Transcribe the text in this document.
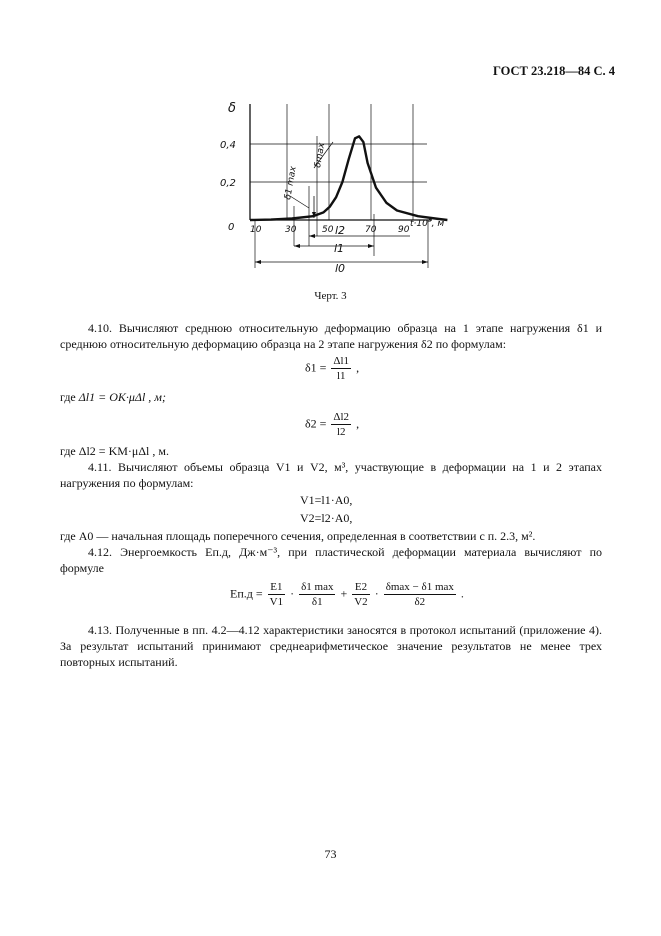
ГОСТ 23.218—84 С. 4
δ
0,4
0,2
0 10	30	50	70 90
$t\cdot 10^3$, м
δ1 max
δmax
l2
l1
l0
Черт. 3
4.10. Вычисляют среднюю относительную деформацию образца на 1 этапе нагружения δ1 и среднюю относительную деформацию образца на 2 этапе нагружения δ2 по формулам:
$\delta 1 = \frac{\Delta l1}{l1}$ ,
где Δl1 = OK·μΔl , м;
$\delta 2 = \frac{\Delta l2}{l2}$ ,
где Δl2 = KM·μΔl , м.
4.11. Вычисляют объемы образца V1 и V2, м³, участвующие в деформации на 1 и 2 этапах нагружения по формулам:
V1=l1·A0,
V2=l2·A0,
где A0 — начальная площадь поперечного сечения, определенная в соответствии с п. 2.3, м².
4.12. Энергоемкость Eп.д, Дж·м⁻³, при пластической деформации материала вычисляют по формуле
$Eп.д = \frac{E1}{V1} \cdot \frac{\delta 1 \max}{\delta 1} + \frac{E2}{V2} \cdot \frac{\delta\max - \delta 1 \max}{\delta 2}$ .
4.13. Полученные в пп. 4.2—4.12 характеристики заносятся в протокол испытаний (приложение 4). За результат испытаний принимают среднеарифметическое значение результатов не менее трех повторных испытаний.
73
